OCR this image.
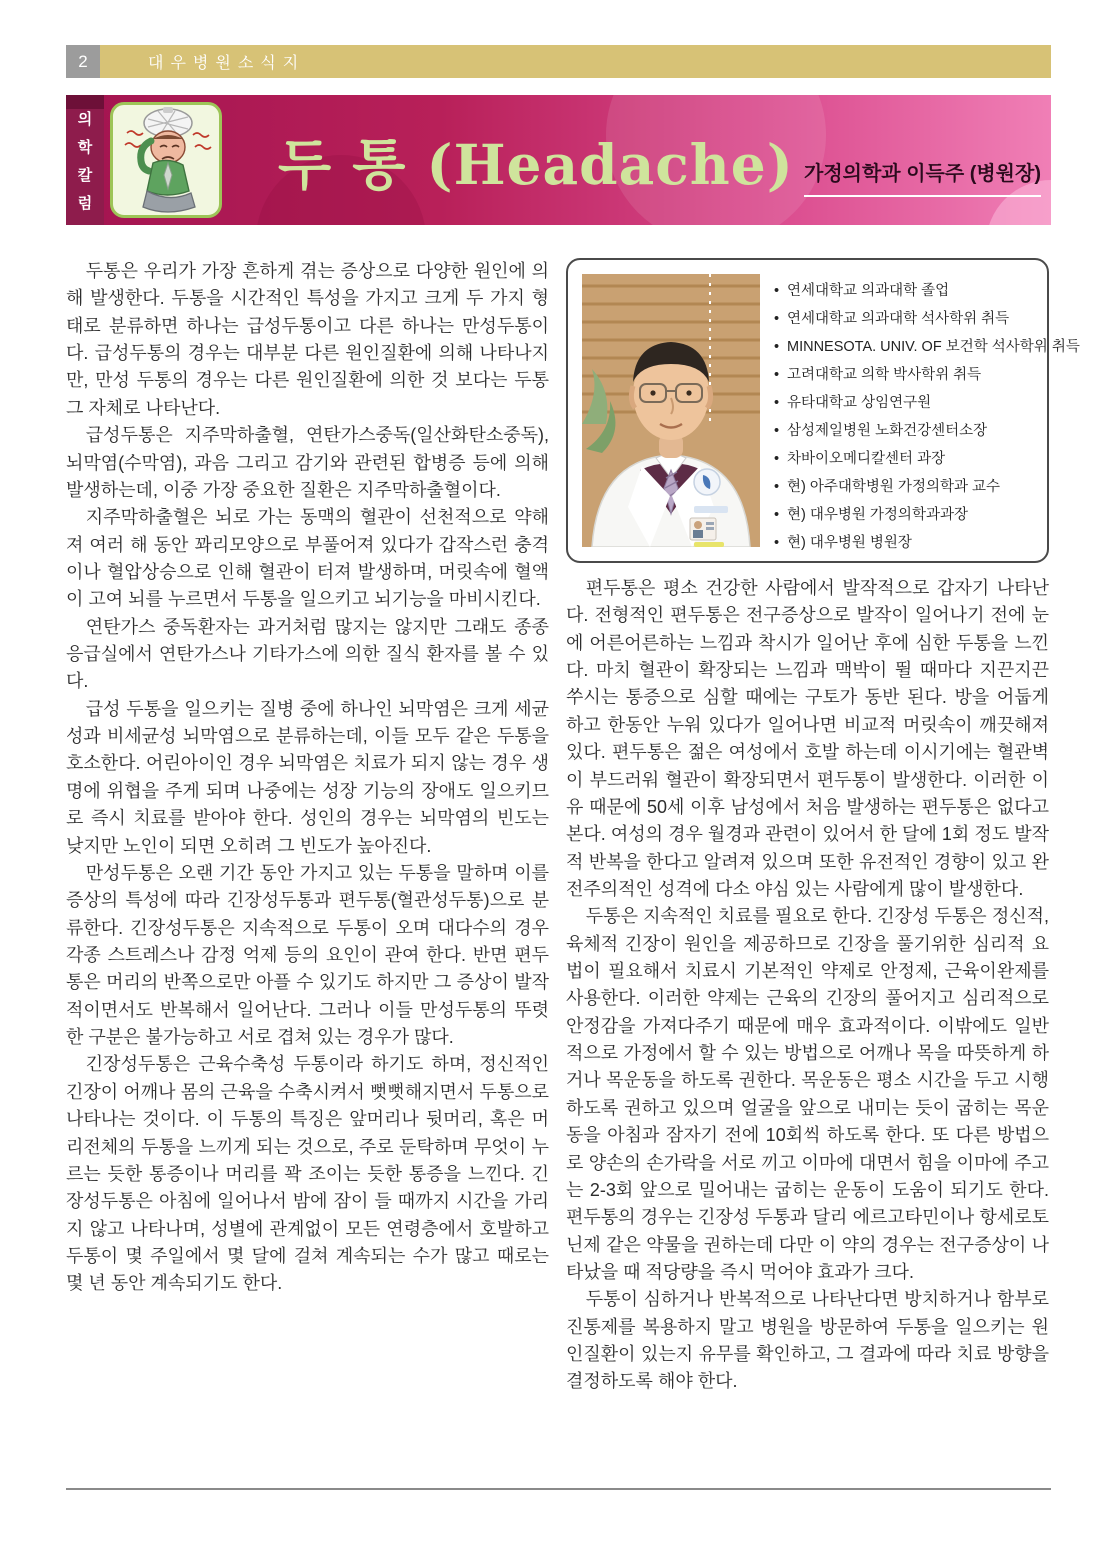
2	대우병원소식지
의
학
칼
럼
두 통 (Headache) 가정의학과 이득주 (병원장)

두통은 우리가 가장 흔하게 겪는 증상으로 다양한 원인에 의해 발생한다. 두통을 시간적인 특성을 가지고 크게 두 가지 형태로 분류하면 하나는 급성두통이고 다른 하나는 만성두통이다. 급성두통의 경우는 대부분 다른 원인질환에 의해 나타나지만, 만성 두통의 경우는 다른 원인질환에 의한 것 보다는 두통 그 자체로 나타난다.

급성두통은 지주막하출혈, 연탄가스중독(일산화탄소중독), 뇌막염(수막염), 과음 그리고 감기와 관련된 합병증 등에 의해 발생하는데, 이중 가장 중요한 질환은 지주막하출혈이다.

지주막하출혈은 뇌로 가는 동맥의 혈관이 선천적으로 약해져 여러 해 동안 꽈리모양으로 부풀어져 있다가 갑작스런 충격이나 혈압상승으로 인해 혈관이 터져 발생하며, 머릿속에 혈액이 고여 뇌를 누르면서 두통을 일으키고 뇌기능을 마비시킨다.

연탄가스 중독환자는 과거처럼 많지는 않지만 그래도 종종 응급실에서 연탄가스나 기타가스에 의한 질식 환자를 볼 수 있다.

급성 두통을 일으키는 질병 중에 하나인 뇌막염은 크게 세균성과 비세균성 뇌막염으로 분류하는데, 이들 모두 같은 두통을 호소한다. 어린아이인 경우 뇌막염은 치료가 되지 않는 경우 생명에 위협을 주게 되며 나중에는 성장 기능의 장애도 일으키므로 즉시 치료를 받아야 한다. 성인의 경우는 뇌막염의 빈도는 낮지만 노인이 되면 오히려 그 빈도가 높아진다.

만성두통은 오랜 기간 동안 가지고 있는 두통을 말하며 이를 증상의 특성에 따라 긴장성두통과 편두통(혈관성두통)으로 분류한다. 긴장성두통은 지속적으로 두통이 오며 대다수의 경우 각종 스트레스나 감정 억제 등의 요인이 관여 한다. 반면 편두통은 머리의 반쪽으로만 아플 수 있기도 하지만 그 증상이 발작적이면서도 반복해서 일어난다. 그러나 이들 만성두통의 뚜렷한 구분은 불가능하고 서로 겹쳐 있는 경우가 많다.

긴장성두통은 근육수축성 두통이라 하기도 하며, 정신적인 긴장이 어깨나 몸의 근육을 수축시켜서 뻣뻣해지면서 두통으로 나타나는 것이다. 이 두통의 특징은 앞머리나 뒷머리, 혹은 머리전체의 두통을 느끼게 되는 것으로, 주로 둔탁하며 무엇이 누르는 듯한 통증이나 머리를 꽉 조이는 듯한 통증을 느낀다. 긴장성두통은 아침에 일어나서 밤에 잠이 들 때까지 시간을 가리지 않고 나타나며, 성별에 관계없이 모든 연령층에서 호발하고 두통이 몇 주일에서 몇 달에 걸쳐 계속되는 수가 많고 때로는 몇 년 동안 계속되기도 한다.

• 연세대학교 의과대학 졸업
• 연세대학교 의과대학 석사학위 취득
• MINNESOTA. UNIV. OF 보건학 석사학위 취득
• 고려대학교 의학 박사학위 취득
• 유타대학교 상임연구원
• 삼성제일병원 노화건강센터소장
• 차바이오메디칼센터 과장
• 현) 아주대학병원 가정의학과 교수
• 현) 대우병원 가정의학과과장
• 현) 대우병원 병원장

편두통은 평소 건강한 사람에서 발작적으로 갑자기 나타난다. 전형적인 편두통은 전구증상으로 발작이 일어나기 전에 눈에 어른어른하는 느낌과 착시가 일어난 후에 심한 두통을 느낀다. 마치 혈관이 확장되는 느낌과 맥박이 뛸 때마다 지끈지끈 쑤시는 통증으로 심할 때에는 구토가 동반 된다. 방을 어둡게 하고 한동안 누워 있다가 일어나면 비교적 머릿속이 깨끗해져있다. 편두통은 젊은 여성에서 호발 하는데 이시기에는 혈관벽이 부드러워 혈관이 확장되면서 편두통이 발생한다. 이러한 이유 때문에 50세 이후 남성에서 처음 발생하는 편두통은 없다고 본다. 여성의 경우 월경과 관련이 있어서 한 달에 1회 정도 발작적 반복을 한다고 알려져 있으며 또한 유전적인 경향이 있고 완전주의적인 성격에 다소 야심 있는 사람에게 많이 발생한다.

두통은 지속적인 치료를 필요로 한다. 긴장성 두통은 정신적, 육체적 긴장이 원인을 제공하므로 긴장을 풀기위한 심리적 요법이 필요해서 치료시 기본적인 약제로 안정제, 근육이완제를 사용한다. 이러한 약제는 근육의 긴장의 풀어지고 심리적으로 안정감을 가져다주기 때문에 매우 효과적이다. 이밖에도 일반적으로 가정에서 할 수 있는 방법으로 어깨나 목을 따뜻하게 하거나 목운동을 하도록 권한다. 목운동은 평소 시간을 두고 시행하도록 권하고 있으며 얼굴을 앞으로 내미는 듯이 굽히는 목운동을 아침과 잠자기 전에 10회씩 하도록 한다. 또 다른 방법으로 양손의 손가락을 서로 끼고 이마에 대면서 힘을 이마에 주고는 2-3회 앞으로 밀어내는 굽히는 운동이 도움이 되기도 한다. 편두통의 경우는 긴장성 두통과 달리 에르고타민이나 항세로토닌제 같은 약물을 권하는데 다만 이 약의 경우는 전구증상이 나타났을 때 적당량을 즉시 먹어야 효과가 크다.

두통이 심하거나 반복적으로 나타난다면 방치하거나 함부로 진통제를 복용하지 말고 병원을 방문하여 두통을 일으키는 원인질환이 있는지 유무를 확인하고, 그 결과에 따라 치료 방향을 결정하도록 해야 한다.
